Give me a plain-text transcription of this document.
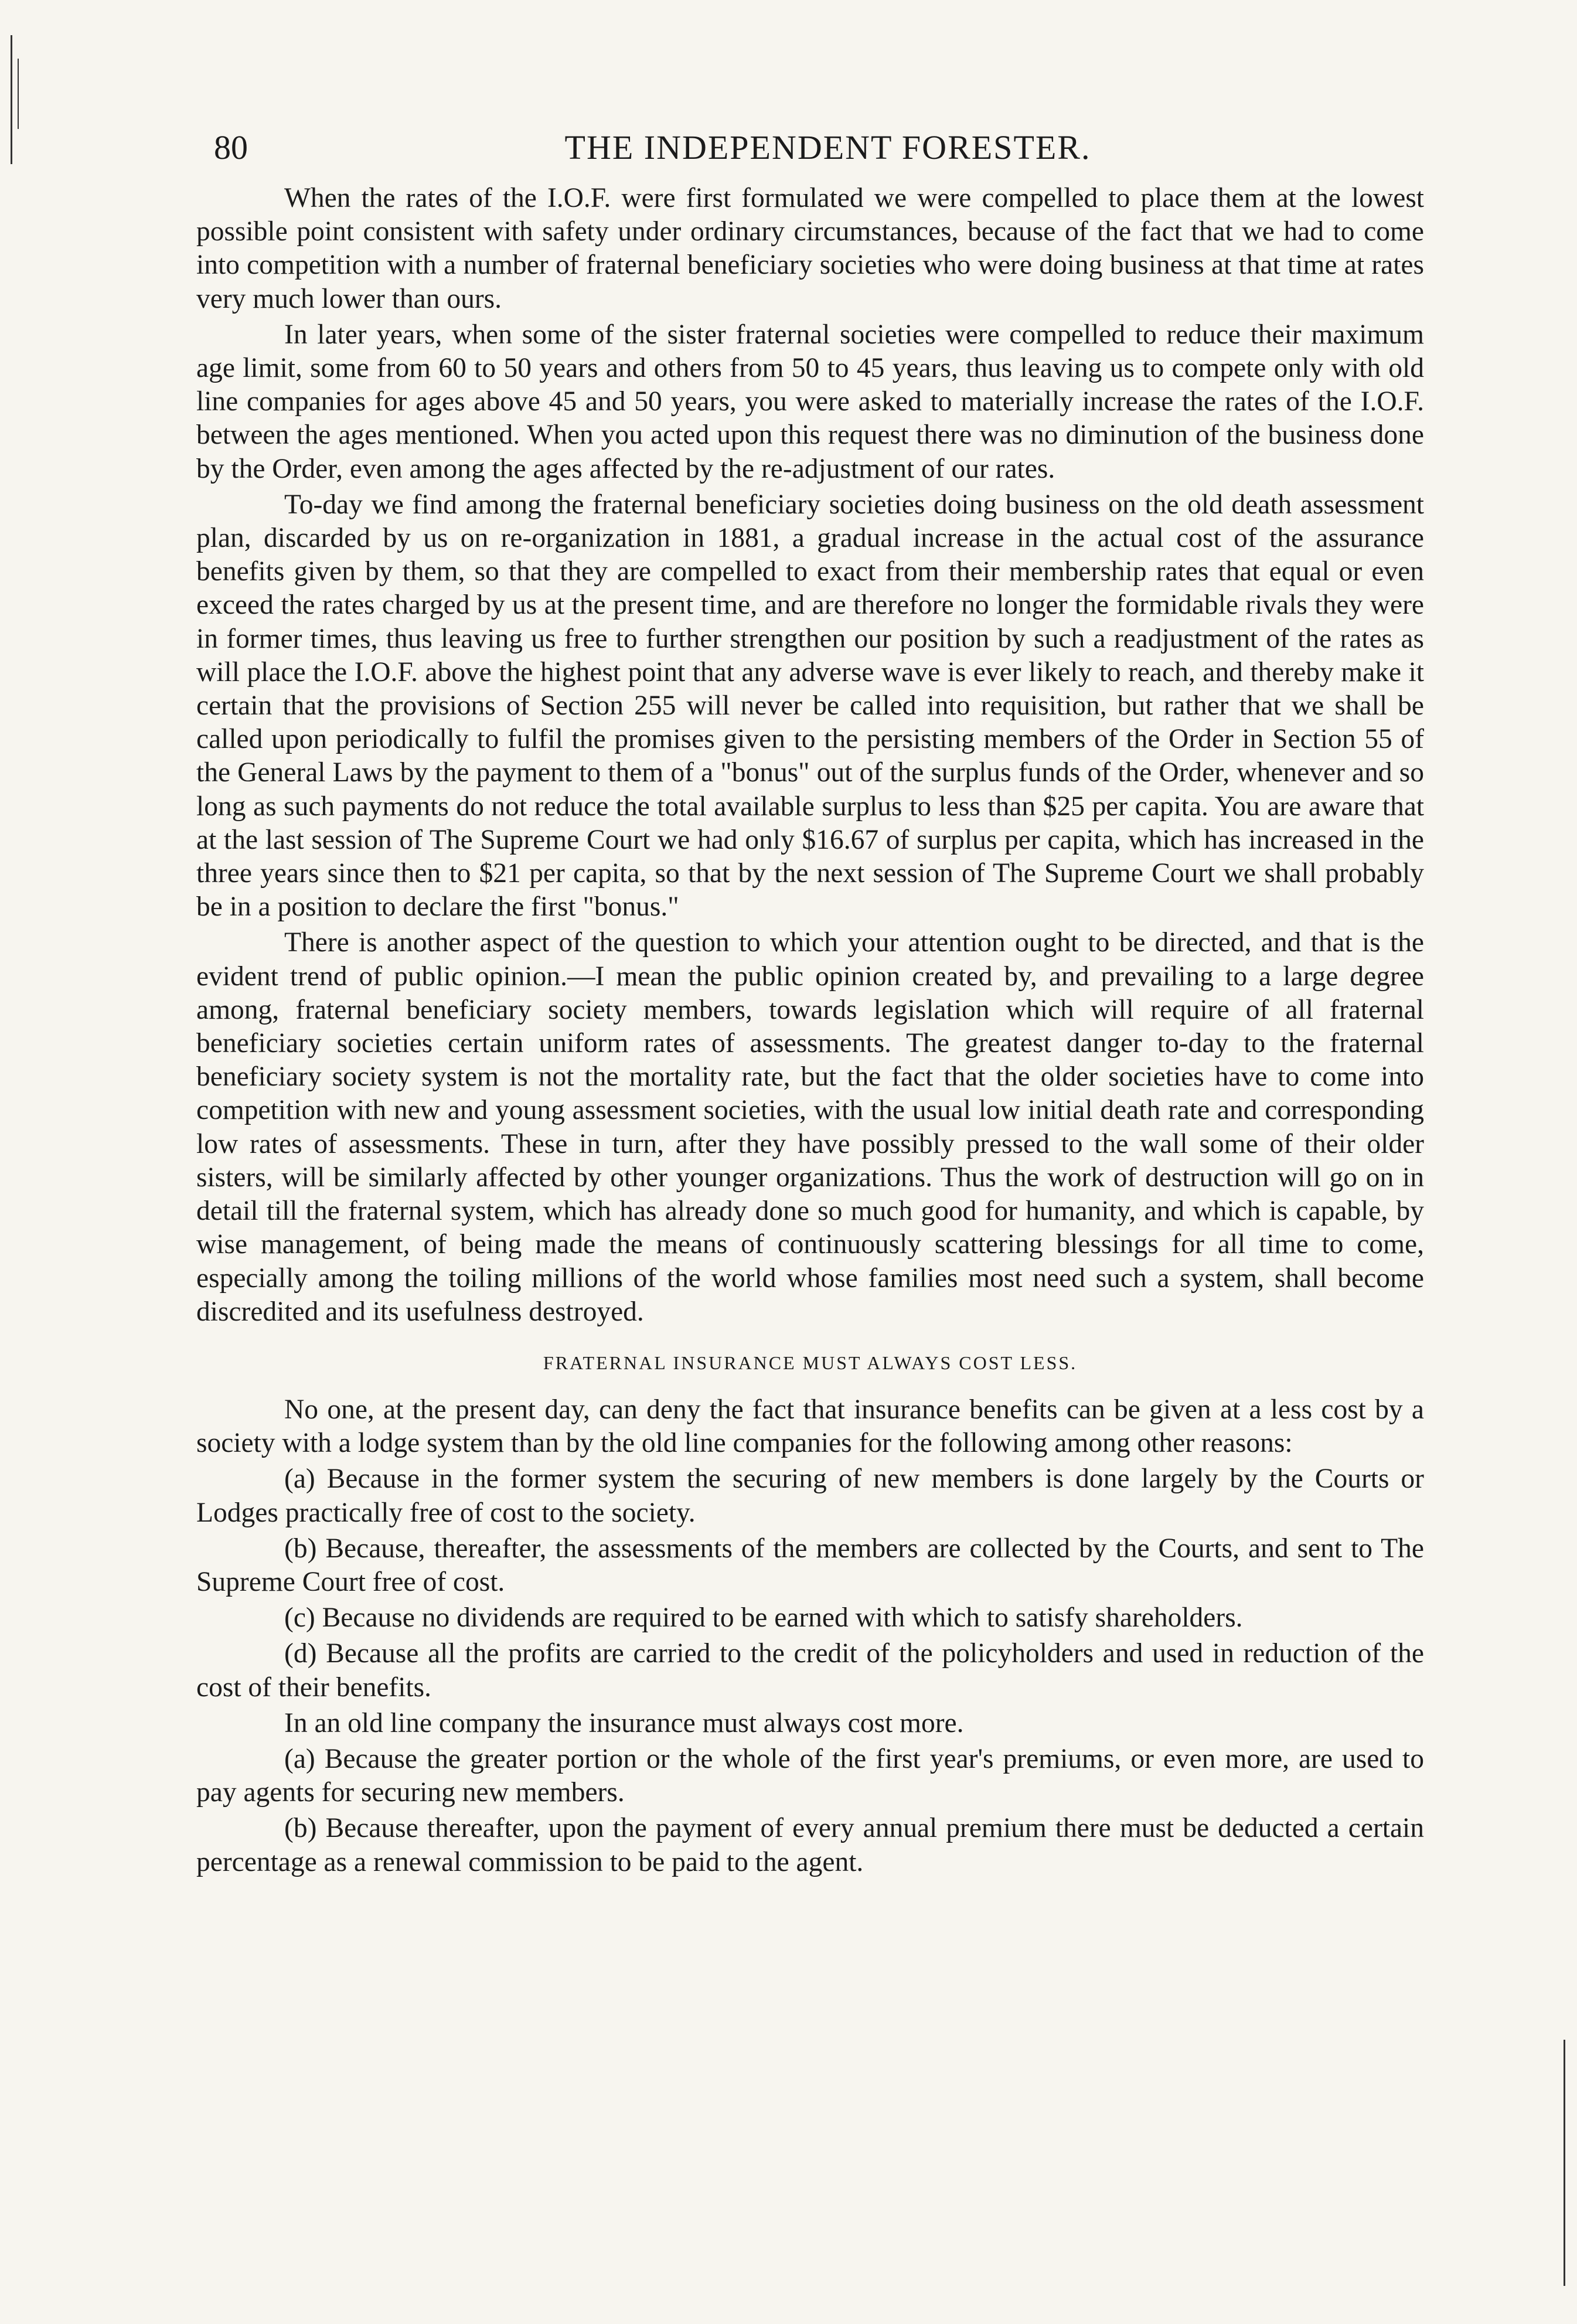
80	THE INDEPENDENT FORESTER.

When the rates of the I.O.F. were first formulated we were compelled to place them at the lowest possible point consistent with safety under ordinary circumstances, because of the fact that we had to come into competition with a number of fraternal beneficiary societies who were doing business at that time at rates very much lower than ours.

In later years, when some of the sister fraternal societies were compelled to reduce their maximum age limit, some from 60 to 50 years and others from 50 to 45 years, thus leaving us to compete only with old line companies for ages above 45 and 50 years, you were asked to materially increase the rates of the I.O.F. between the ages mentioned. When you acted upon this request there was no diminution of the business done by the Order, even among the ages affected by the re-adjustment of our rates.

To-day we find among the fraternal beneficiary societies doing business on the old death assessment plan, discarded by us on re-organization in 1881, a gradual increase in the actual cost of the assurance benefits given by them, so that they are compelled to exact from their membership rates that equal or even exceed the rates charged by us at the present time, and are therefore no longer the formidable rivals they were in former times, thus leaving us free to further strengthen our position by such a readjustment of the rates as will place the I.O.F. above the highest point that any adverse wave is ever likely to reach, and thereby make it certain that the provisions of Section 255 will never be called into requisition, but rather that we shall be called upon periodically to fulfil the promises given to the persisting members of the Order in Section 55 of the General Laws by the payment to them of a "bonus" out of the surplus funds of the Order, whenever and so long as such payments do not reduce the total available surplus to less than $25 per capita. You are aware that at the last session of The Supreme Court we had only $16.67 of surplus per capita, which has increased in the three years since then to $21 per capita, so that by the next session of The Supreme Court we shall probably be in a position to declare the first "bonus."

There is another aspect of the question to which your attention ought to be directed, and that is the evident trend of public opinion.—I mean the public opinion created by, and prevailing to a large degree among, fraternal beneficiary society members, towards legislation which will require of all fraternal beneficiary societies certain uniform rates of assessments. The greatest danger to-day to the fraternal beneficiary society system is not the mortality rate, but the fact that the older societies have to come into competition with new and young assessment societies, with the usual low initial death rate and corresponding low rates of assessments. These in turn, after they have possibly pressed to the wall some of their older sisters, will be similarly affected by other younger organizations. Thus the work of destruction will go on in detail till the fraternal system, which has already done so much good for humanity, and which is capable, by wise management, of being made the means of continuously scattering blessings for all time to come, especially among the toiling millions of the world whose families most need such a system, shall become discredited and its usefulness destroyed.

FRATERNAL INSURANCE MUST ALWAYS COST LESS.

No one, at the present day, can deny the fact that insurance benefits can be given at a less cost by a society with a lodge system than by the old line companies for the following among other reasons:

(a) Because in the former system the securing of new members is done largely by the Courts or Lodges practically free of cost to the society.

(b) Because, thereafter, the assessments of the members are collected by the Courts, and sent to The Supreme Court free of cost.

(c) Because no dividends are required to be earned with which to satisfy shareholders.

(d) Because all the profits are carried to the credit of the policyholders and used in reduction of the cost of their benefits.

In an old line company the insurance must always cost more.

(a) Because the greater portion or the whole of the first year's premiums, or even more, are used to pay agents for securing new members.

(b) Because thereafter, upon the payment of every annual premium there must be deducted a certain percentage as a renewal commission to be paid to the agent.
